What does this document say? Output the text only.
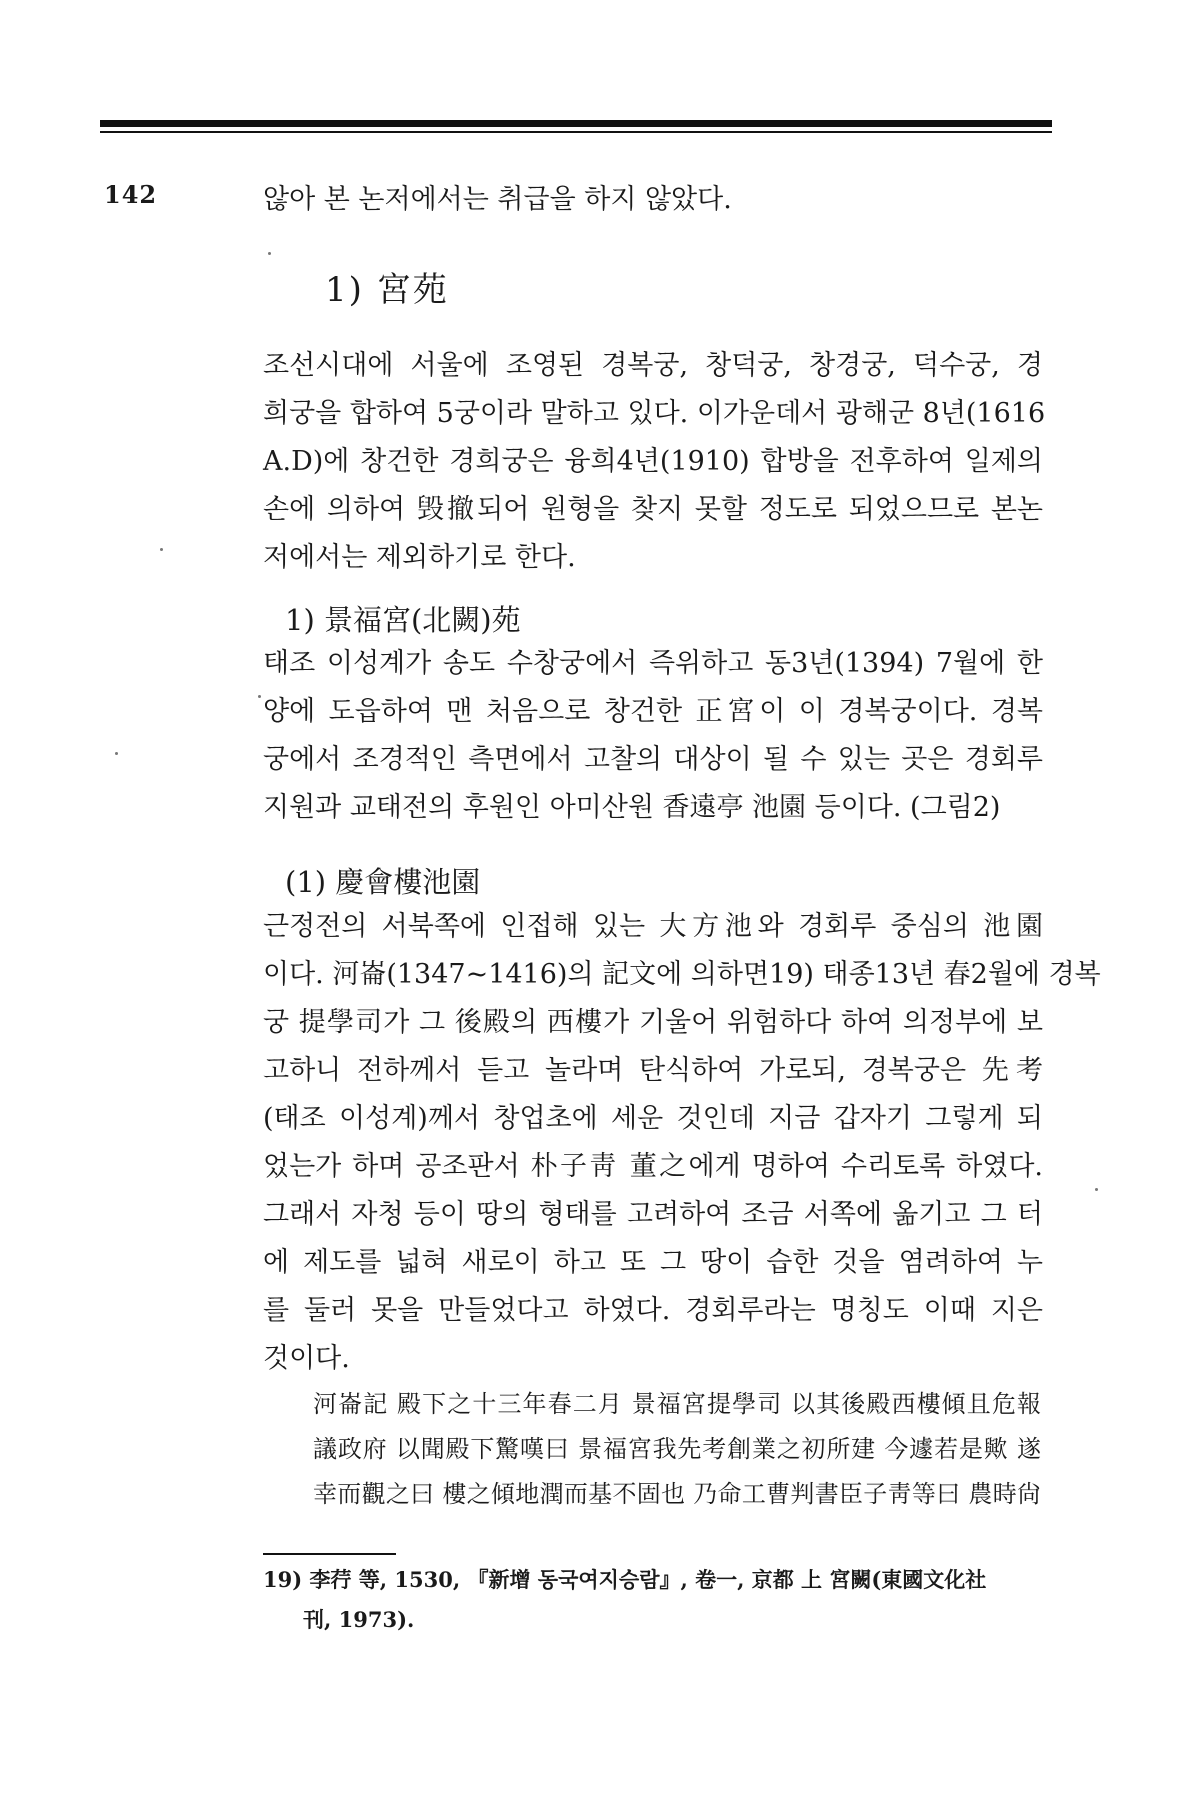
142	않아 본 논저에서는 취급을 하지 않았다.
1) 宮苑
조선시대에 서울에 조영된 경복궁, 창덕궁, 창경궁, 덕수궁, 경
희궁을 합하여 5궁이라 말하고 있다. 이가운데서 광해군 8년(1616
A.D)에 창건한 경희궁은 융희4년(1910) 합방을 전후하여 일제의
손에 의하여 毁撤되어 원형을 찾지 못할 정도로 되었으므로 본논
저에서는 제외하기로 한다.
1) 景福宮(北闕)苑
태조 이성계가 송도 수창궁에서 즉위하고 동3년(1394) 7월에 한
양에 도읍하여 맨 처음으로 창건한 正宮이 이 경복궁이다. 경복
궁에서 조경적인 측면에서 고찰의 대상이 될 수 있는 곳은 경회루
지원과 교태전의 후원인 아미산원 香遠亭 池園 등이다. (그림2)
(1) 慶會樓池園
근정전의 서북쪽에 인접해 있는 大方池와 경회루 중심의 池園
이다. 河崙(1347~1416)의 記文에 의하면19) 태종13년 春2월에 경복
궁 提學司가 그 後殿의 西樓가 기울어 위험하다 하여 의정부에 보
고하니 전하께서 듣고 놀라며 탄식하여 가로되, 경복궁은 先考
(태조 이성계)께서 창업초에 세운 것인데 지금 갑자기 그렇게 되
었는가 하며 공조판서 朴子靑 董之에게 명하여 수리토록 하였다.
그래서 자청 등이 땅의 형태를 고려하여 조금 서쪽에 옮기고 그 터
에 제도를 넓혀 새로이 하고 또 그 땅이 습한 것을 염려하여 누
를 둘러 못을 만들었다고 하였다. 경회루라는 명칭도 이때 지은
것이다.
河崙記 殿下之十三年春二月 景福宮提學司 以其後殿西樓傾且危報
議政府 以聞殿下驚嘆曰 景福宮我先考創業之初所建 今遽若是歟 遂
幸而觀之曰 樓之傾地潤而基不固也 乃命工曹判書臣子靑等曰 農時尙
19) 李荇 等, 1530, 『新增 동국여지승람』, 卷一, 京都 上 宮闕(東國文化社
刊, 1973).
